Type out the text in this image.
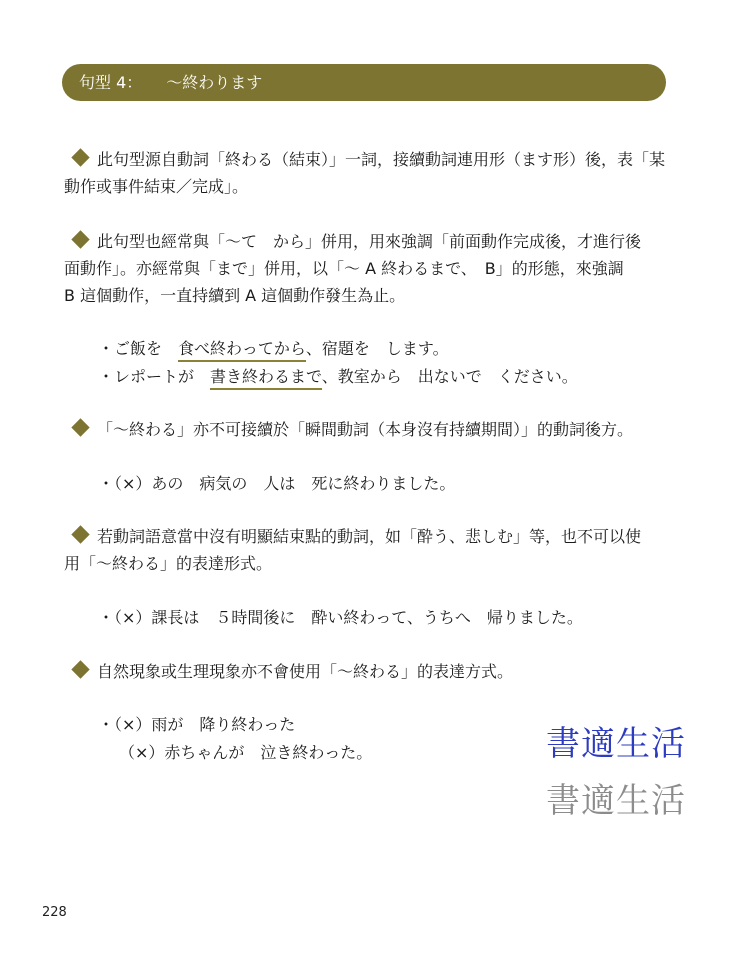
句型 4： 〜終わります
此句型源自動詞「終わる（結束）」一詞，接續動詞連用形（ます形）後，表「某
動作或事件結束／完成」。
此句型也經常與「〜て　から」併用，用來強調「前面動作完成後，才進行後
面動作」。亦經常與「まで」併用，以「〜 A 終わるまで、　B」的形態，來強調
B 這個動作，一直持續到 A 這個動作發生為止。
・ご飯を　食べ終わってから、宿題を　します。
・レポートが　書き終わるまで、教室から　出ないで　ください。
「〜終わる」亦不可接續於「瞬間動詞（本身沒有持續期間）」的動詞後方。
・（×）あの　病気の　人は　死に終わりました。
若動詞語意當中沒有明顯結束點的動詞，如「酔う、悲しむ」等，也不可以使
用「〜終わる」的表達形式。
・（×）課長は　５時間後に　酔い終わって、うちへ　帰りました。
自然現象或生理現象亦不會使用「〜終わる」的表達方式。
・（×）雨が　降り終わった
（×）赤ちゃんが　泣き終わった。	書適生活
書適生活
228
